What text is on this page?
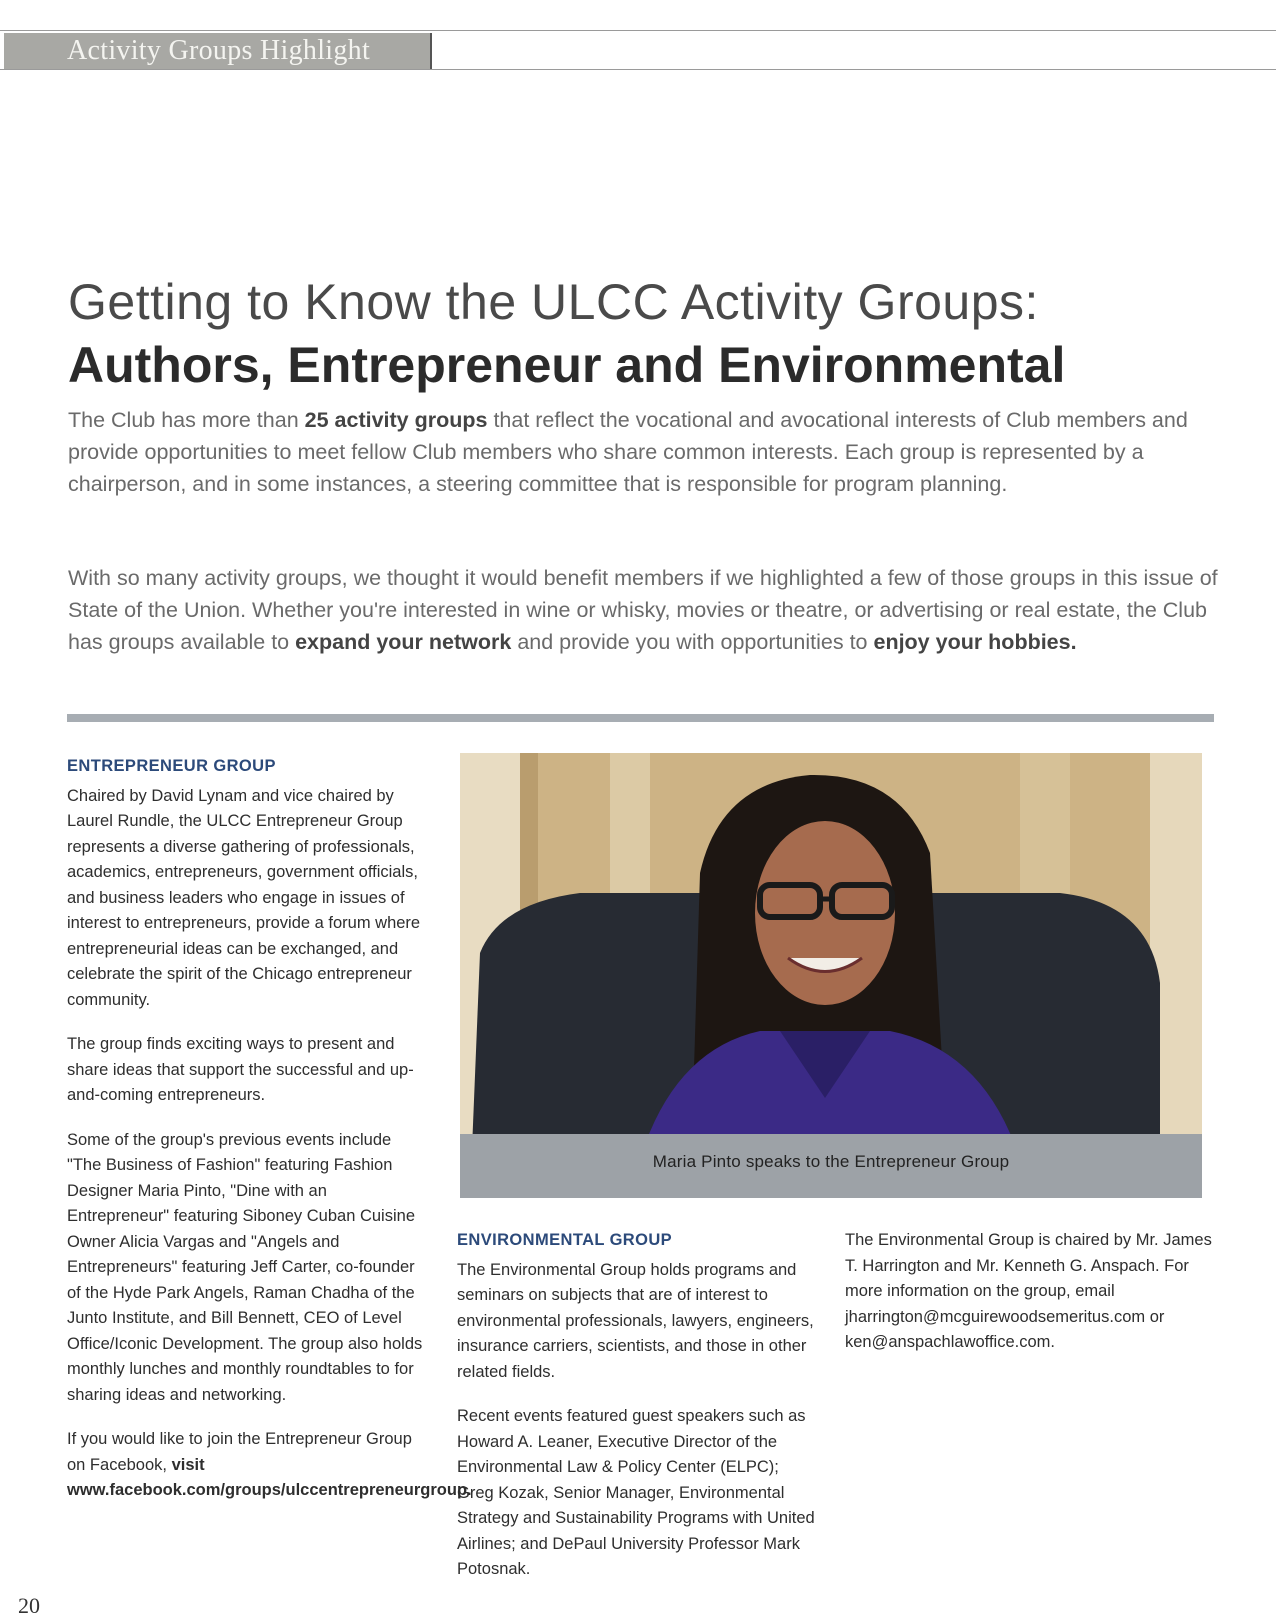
Activity Groups Highlight
Getting to Know the ULCC Activity Groups:
Authors, Entrepreneur and Environmental

The Club has more than 25 activity groups that reflect the vocational and avocational interests of Club members and provide opportunities to meet fellow Club members who share common interests. Each group is represented by a chairperson, and in some instances, a steering committee that is responsible for program planning.

With so many activity groups, we thought it would benefit members if we highlighted a few of those groups in this issue of State of the Union. Whether you're interested in wine or whisky, movies or theatre, or advertising or real estate, the Club has groups available to expand your network and provide you with opportunities to enjoy your hobbies.

ENTREPRENEUR GROUP

Chaired by David Lynam and vice chaired by Laurel Rundle, the ULCC Entrepreneur Group represents a diverse gathering of professionals, academics, entrepreneurs, government officials, and business leaders who engage in issues of interest to entrepreneurs, provide a forum where entrepreneurial ideas can be exchanged, and celebrate the spirit of the Chicago entrepreneur community.

The group finds exciting ways to present and share ideas that support the successful and up-and-coming entrepreneurs.

Some of the group's previous events include "The Business of Fashion" featuring Fashion Designer Maria Pinto, "Dine with an Entrepreneur" featuring Siboney Cuban Cuisine Owner Alicia Vargas and "Angels and Entrepreneurs" featuring Jeff Carter, co-founder of the Hyde Park Angels, Raman Chadha of the Junto Institute, and Bill Bennett, CEO of Level Office/Iconic Development. The group also holds monthly lunches and monthly roundtables to for sharing ideas and networking.

If you would like to join the Entrepreneur Group on Facebook, visit www.facebook.com/groups/ulccentrepreneurgroup.

Maria Pinto speaks to the Entrepreneur Group
ENVIRONMENTAL GROUP

The Environmental Group holds programs and seminars on subjects that are of interest to environmental professionals, lawyers, engineers, insurance carriers, scientists, and those in other related fields.

Recent events featured guest speakers such as Howard A. Leaner, Executive Director of the Environmental Law & Policy Center (ELPC); Greg Kozak, Senior Manager, Environmental Strategy and Sustainability Programs with United Airlines; and DePaul University Professor Mark Potosnak.

The Environmental Group is chaired by Mr. James T. Harrington and Mr. Kenneth G. Anspach. For more information on the group, email jharrington@mcguirewoodsemeritus.com or ken@anspachlawoffice.com.

20
